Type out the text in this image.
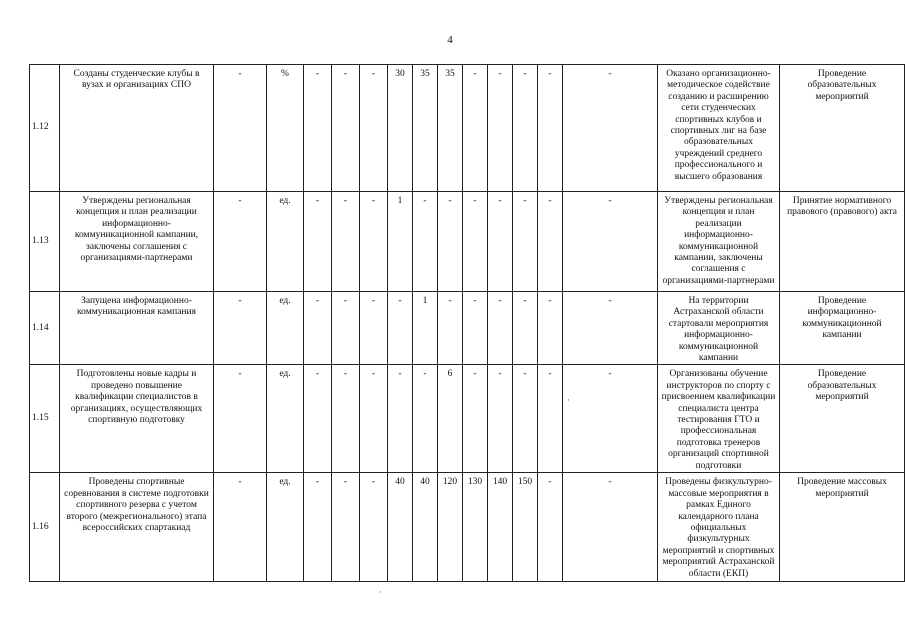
4
1.12	Созданы студенческие клубы в вузах и организациях СПО	-	%	-	-	-	30	35	35	-	-	-	-	-	Оказано организационно-методическое содействие созданию и расширению сети студенческих спортивных клубов и спортивных лиг на базе образовательных учреждений среднего профессионального и высшего образования	Проведение образовательных мероприятий
1.13	Утверждены региональная концепция и план реализации информационно-коммуникационной кампании, заключены соглашения с организациями-партнерами	-	ед.	-	-	-	1	-	-	-	-	-	-	-	Утверждены региональная концепция и план реализации информационно-коммуникационной кампании, заключены соглашения с организациями-партнерами	Принятие нормативного правового (правового) акта
1.14	Запущена информационно-коммуникационная кампания	-	ед.	-	-	-	-	1	-	-	-	-	-	-	На территории Астраханской области стартовали мероприятия информационно-коммуникационной кампании	Проведение информационно-коммуникационной кампании
1.15	Подготовлены новые кадры и проведено повышение квалификации специалистов в организациях, осуществляющих спортивную подготовку	-	ед.	-	-	-	-	-	6	-	-	-	-	-	Организованы обучение инструкторов по спорту с присвоением квалификации специалиста центра тестирования ГТО и профессиональная подготовка тренеров организаций спортивной подготовки	Проведение образовательных мероприятий
1.16	Проведены спортивные соревнования в системе подготовки спортивного резерва с учетом второго (межрегионального) этапа всероссийских спартакиад	-	ед.	-	-	-	40	40	120	130	140	150	-	-	Проведены физкультурно-массовые мероприятия в рамках Единого календарного плана официальных физкультурных мероприятий и спортивных мероприятий Астраханской области (ЕКП)	Проведение массовых мероприятий
·
·
